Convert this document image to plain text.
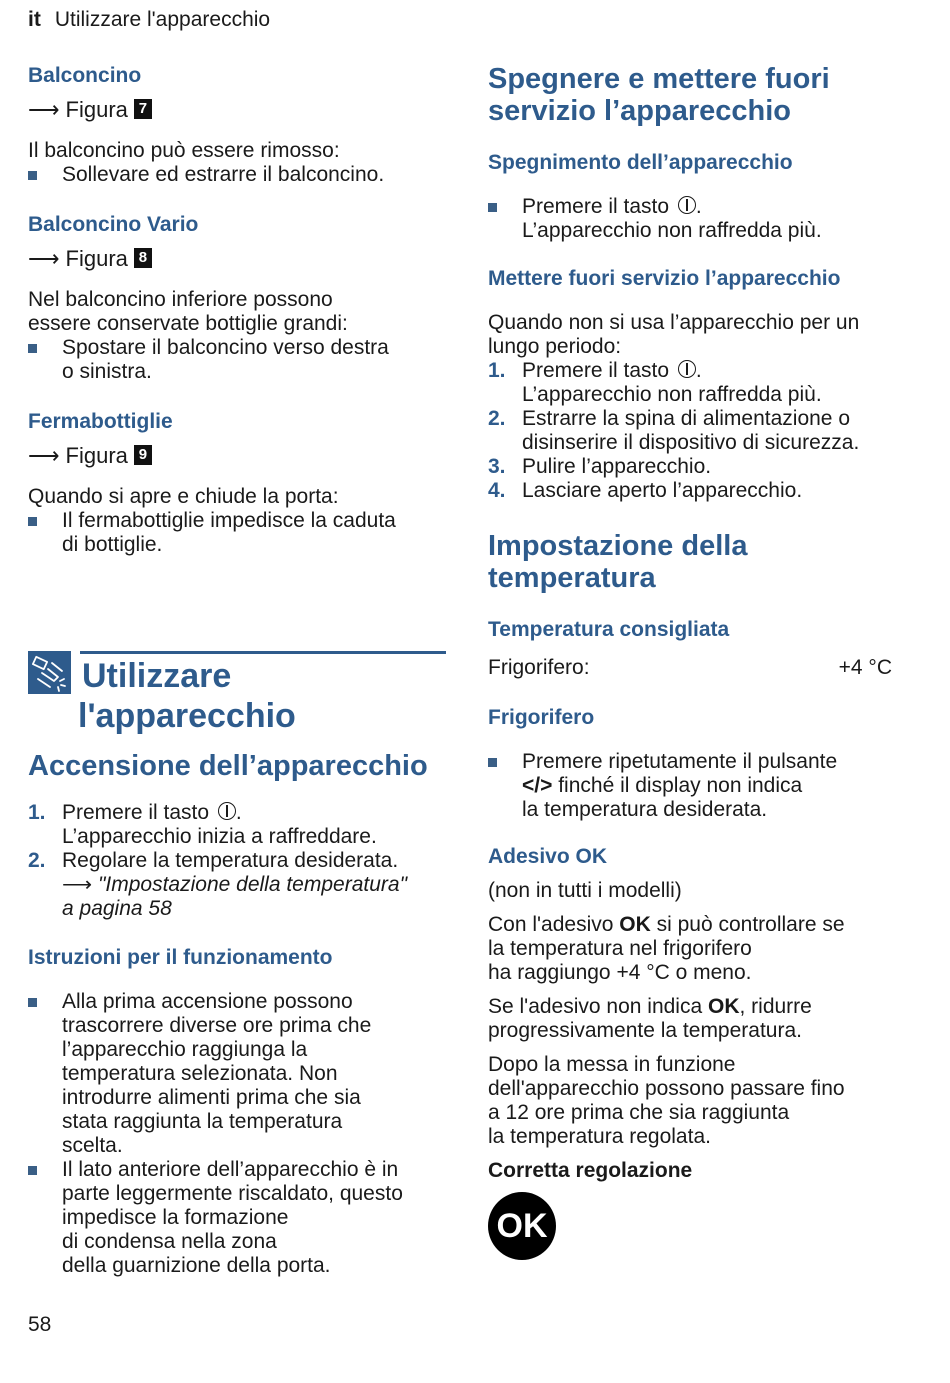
it Utilizzare l'apparecchio
Balconcino
⟶ Figura 7
Il balconcino può essere rimosso:
Sollevare ed estrarre il balconcino.
Balconcino Vario
⟶ Figura 8
Nel balconcino inferiore possono
essere conservate bottiglie grandi:
Spostare il balconcino verso destra
o sinistra.
Fermabottiglie
⟶ Figura 9
Quando si apre e chiude la porta:
Il fermabottiglie impedisce la caduta
di bottiglie.
Utilizzare
l'apparecchio
Accensione dell’apparecchio
1. Premere il tasto .
L’apparecchio inizia a raffreddare.
2. Regolare la temperatura desiderata.
⟶ "Impostazione della temperatura"
a pagina 58
Istruzioni per il funzionamento
Alla prima accensione possono
trascorrere diverse ore prima che
l’apparecchio raggiunga la
temperatura selezionata. Non
introdurre alimenti prima che sia
stata raggiunta la temperatura
scelta.
Il lato anteriore dell’apparecchio è in
parte leggermente riscaldato, questo
impedisce la formazione
di condensa nella zona
della guarnizione della porta.
58
Spegnere e mettere fuori
servizio l’apparecchio
Spegnimento dell’apparecchio
Premere il tasto .
L’apparecchio non raffredda più.
Mettere fuori servizio l’apparecchio
Quando non si usa l’apparecchio per un
lungo periodo:
1. Premere il tasto .
L’apparecchio non raffredda più.
2. Estrarre la spina di alimentazione o
disinserire il dispositivo di sicurezza.
3. Pulire l’apparecchio.
4. Lasciare aperto l’apparecchio.
Impostazione della
temperatura
Temperatura consigliata
Frigorifero:	+4 °C
Frigorifero
Premere ripetutamente il pulsante
</> finché il display non indica
la temperatura desiderata.
Adesivo OK
(non in tutti i modelli)
Con l'adesivo OK si può controllare se
la temperatura nel frigorifero
ha raggiungo +4 °C o meno.
Se l'adesivo non indica OK, ridurre
progressivamente la temperatura.
Dopo la messa in funzione
dell'apparecchio possono passare fino
a 12 ore prima che sia raggiunta
la temperatura regolata.
Corretta regolazione
OK
